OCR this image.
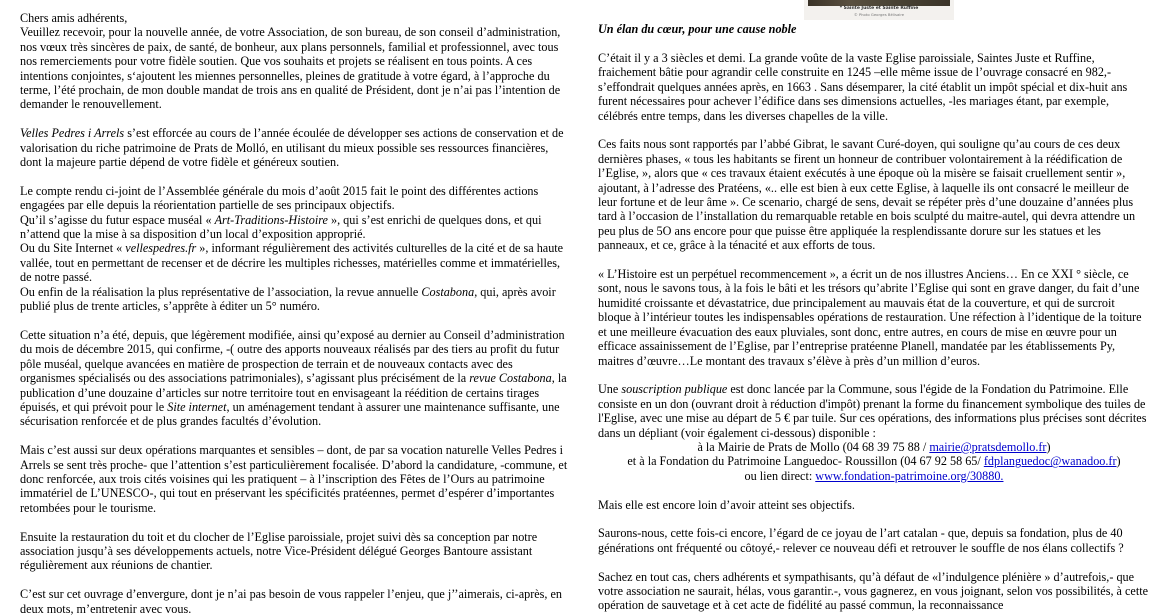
Chers amis adhérents,

Veuillez recevoir, pour la nouvelle année, de votre Association, de son bureau, de son conseil d’administration, nos vœux très sincères de paix, de santé, de bonheur, aux plans personnels, familial et professionnel, avec tous nos remerciements pour votre fidèle soutien. Que vos souhaits et projets se réalisent en tous points. A ces intentions conjointes, s‘ajoutent les miennes personnelles, pleines de gratitude à votre égard, à l’approche du terme, l’été prochain, de mon double mandat de trois ans en qualité de Président, dont je n’ai pas l’intention de demander le renouvellement.

Velles Pedres i Arrels s’est efforcée au cours de l’année écoulée de développer ses actions de conservation et de valorisation du riche patrimoine de Prats de Molló, en utilisant du mieux possible ses ressources financières, dont la majeure partie dépend de votre fidèle et généreux soutien.

Le compte rendu ci-joint de l’Assemblée générale du mois d’août 2015 fait le point des différentes actions engagées par elle depuis la réorientation partielle de ses principaux objectifs.

Qu’il s’agisse du futur espace muséal « Art-Traditions-Histoire », qui s’est enrichi de quelques dons, et qui n’attend que la mise à sa disposition d’un local d’exposition approprié.

Ou du Site Internet « vellespedres.fr », informant régulièrement des activités culturelles de la cité et de sa haute vallée, tout en permettant de recenser et de décrire les multiples richesses, matérielles comme et immatérielles, de notre passé.

Ou enfin de la réalisation la plus représentative de l’association, la revue annuelle Costabona, qui, après avoir publié plus de trente articles, s’apprête à éditer un 5° numéro.

Cette situation n’a été, depuis, que légèrement modifiée, ainsi qu’exposé au dernier au Conseil d’administration du mois de décembre 2015, qui confirme, -( outre des apports nouveaux réalisés par des tiers au profit du futur pôle muséal, quelque avancées en matière de prospection de terrain et de nouveaux contacts avec des organismes spécialisés ou des associations patrimoniales), s’agissant plus précisément de la revue Costabona, la publication d’une douzaine d’articles sur notre territoire tout en envisageant la réédition de certains tirages épuisés, et qui prévoit pour le Site internet, un aménagement tendant à assurer une maintenance suffisante, une sécurisation renforcée et de plus grandes facultés d’évolution.

Mais c’est aussi sur deux opérations marquantes et sensibles – dont, de par sa vocation naturelle Velles Pedres i Arrels se sent très proche- que l’attention s’est particulièrement focalisée. D’abord la candidature, -commune, et donc renforcée, aux trois cités voisines qui les pratiquent – à l’inscription des Fêtes de l’Ours au patrimoine immatériel de L’UNESCO-, qui tout en préservant les spécificités pratéennes, permet d’espérer d’importantes retombées pour le tourisme.

Ensuite la restauration du toit et du clocher de l’Eglise paroissiale, projet suivi dès sa conception par notre association jusqu’à ses développements actuels, notre Vice-Président délégué Georges Bantoure assistant régulièrement aux réunions de chantier.

C’est sur cet ouvrage d’envergure, dont je n’ai pas besoin de vous rappeler l’enjeu, que j’’aimerais, ci-après, en deux mots, m’entretenir avec vous.

* Sainte Juste et Sainte Ruffine
© Photo Georges Bélisaire

Un élan du cœur, pour une cause noble

C’était il y a 3 siècles et demi. La grande voûte de la vaste Eglise paroissiale, Saintes Juste et Ruffine, fraichement bâtie pour agrandir celle construite en 1245 –elle même issue de l’ouvrage consacré en 982,- s’effondrait quelques années après, en 1663 . Sans désemparer, la cité établit un impôt spécial et dix-huit ans furent nécessaires pour achever l’édifice dans ses dimensions actuelles, -les mariages étant, par exemple, célébrés entre temps, dans les diverses chapelles de la ville.

Ces faits nous sont rapportés par l’abbé Gibrat, le savant Curé-doyen, qui souligne qu’au cours de ces deux dernières phases, « tous les habitants se firent un honneur de contribuer volontairement à la réédification de l’Eglise, », alors que « ces travaux étaient exécutés à une époque où la misère se faisait cruellement sentir », ajoutant, à l’adresse des Pratéens, «.. elle est bien à eux cette Eglise, à laquelle ils ont consacré le meilleur de leur fortune et de leur âme ». Ce scenario, chargé de sens, devait se répéter près d’une douzaine d’années plus tard à l’occasion de l’installation du remarquable retable en bois sculpté du maitre-autel, qui devra attendre un peu plus de 5O ans encore pour que puisse être appliquée la resplendissante dorure sur les statues et les panneaux, et ce, grâce à la ténacité et aux efforts de tous.

« L’Histoire est un perpétuel recommencement », a écrit un de nos illustres Anciens… En ce XXI ° siècle, ce sont, nous le savons tous, à la fois le bâti et les trésors qu’abrite l’Eglise qui sont en grave danger, du fait d’une humidité croissante et dévastatrice, due principalement au mauvais état de la couverture, et qui de surcroit bloque à l’intérieur toutes les indispensables opérations de restauration. Une réfection à l’identique de la toiture et une meilleure évacuation des eaux pluviales, sont donc, entre autres, en cours de mise en œuvre pour un efficace assainissement de l’Eglise, par l’entreprise pratéenne Planell, mandatée par les établissements Py, maitres d’œuvre…Le montant des travaux s’élève à près d’un million d’euros.

Une souscription publique est donc lancée par la Commune, sous l'égide de la Fondation du Patrimoine. Elle consiste en un don (ouvrant droit à réduction d'impôt) prenant la forme du financement symbolique des tuiles de l'Eglise, avec une mise au départ de 5 € par tuile. Sur ces opérations, des informations plus précises sont décrites dans un dépliant (voir également ci-dessous) disponible :

à la Mairie de Prats de Mollo (04 68 39 75 88 / mairie@pratsdemollo.fr)

et à la Fondation du Patrimoine Languedoc- Roussillon (04 67 92 58 65/ fdplanguedoc@wanadoo.fr)

ou lien direct: www.fondation-patrimoine.org/30880.

Mais elle est encore loin d’avoir atteint ses objectifs.

Saurons-nous, cette fois-ci encore, l’égard de ce joyau de l’art catalan - que, depuis sa fondation, plus de 40 générations ont fréquenté ou côtoyé,- relever ce nouveau défi et retrouver le souffle de nos élans collectifs ?

Sachez en tout cas, chers adhérents et sympathisants, qu’à défaut de «l’indulgence plénière » d’autrefois,- que votre association ne saurait, hélas, vous garantir.-, vous gagnerez, en vous joignant, selon vos possibilités, à cette opération de sauvetage et à cet acte de fidélité au passé commun, la reconnaissance
